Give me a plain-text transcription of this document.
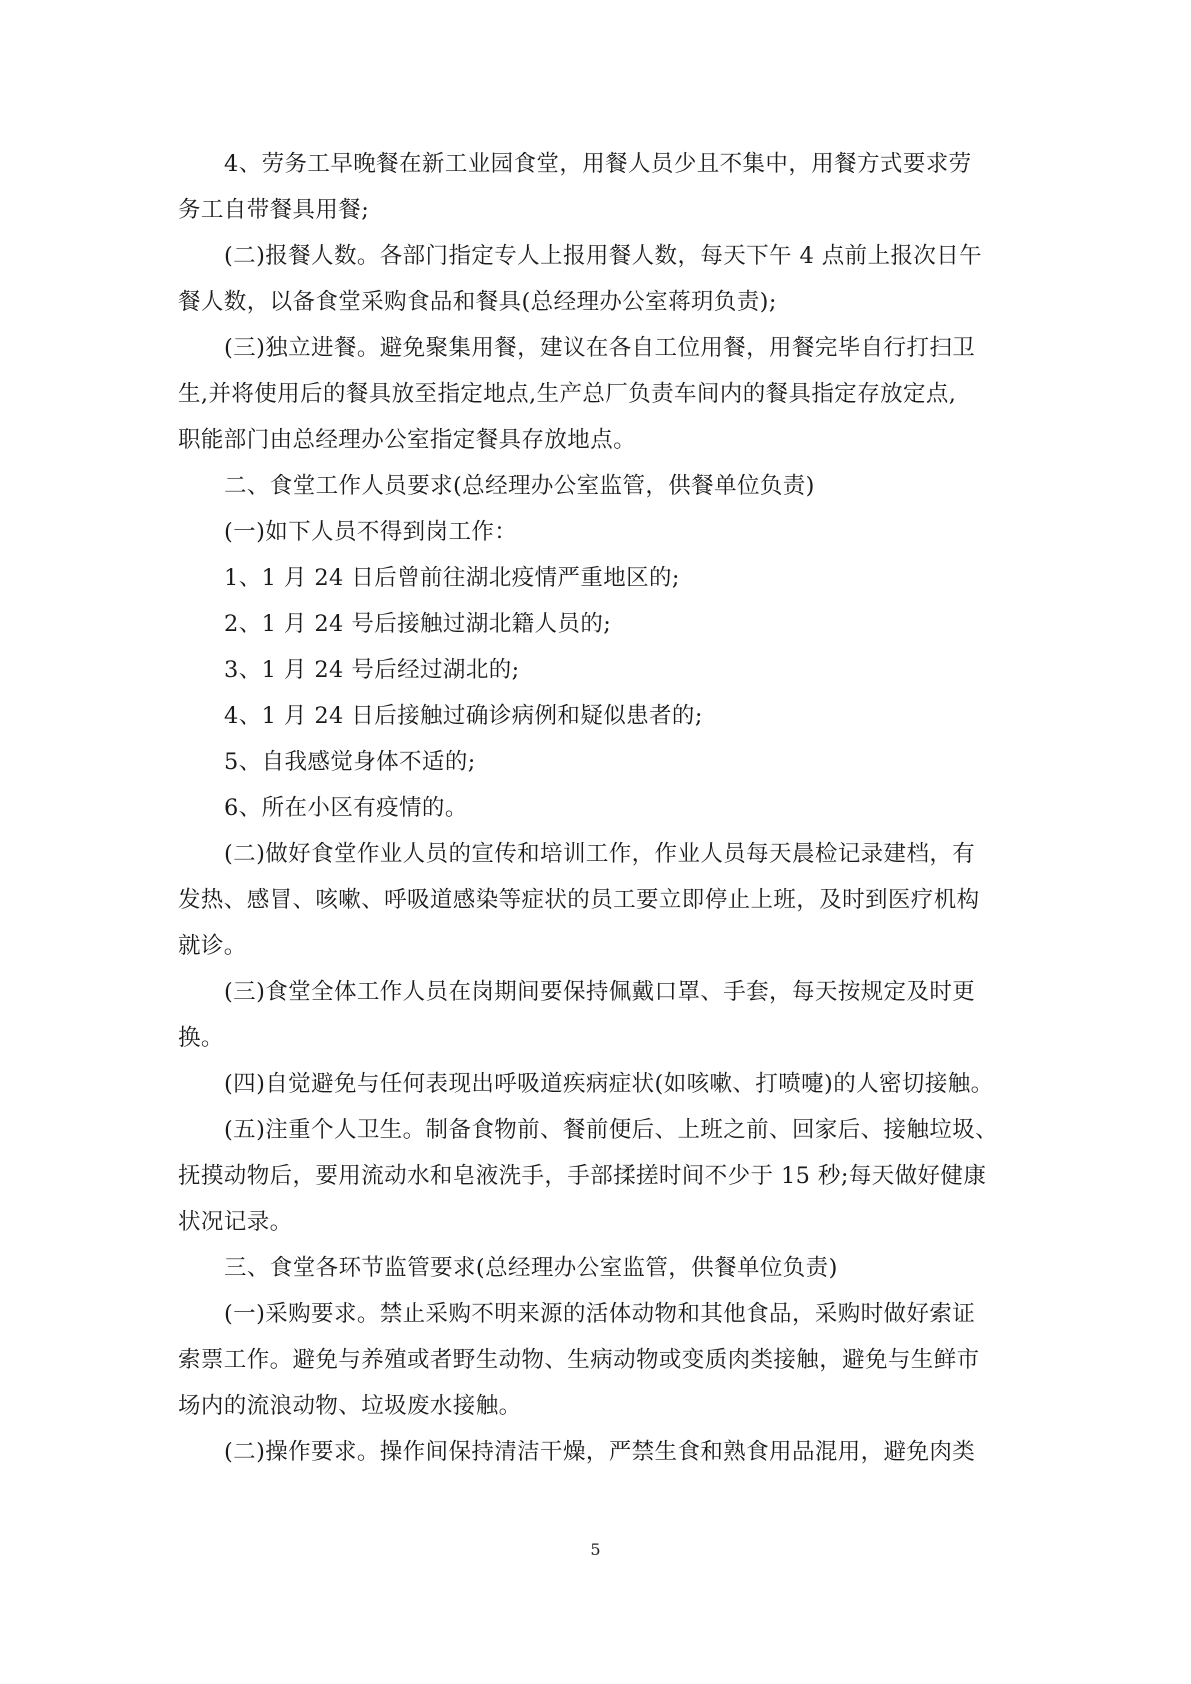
4、劳务工早晚餐在新工业园食堂，用餐人员少且不集中，用餐方式要求劳
务工自带餐具用餐;
(二)报餐人数。各部门指定专人上报用餐人数，每天下午 4 点前上报次日午
餐人数，以备食堂采购食品和餐具(总经理办公室蒋玥负责);
(三)独立进餐。避免聚集用餐，建议在各自工位用餐，用餐完毕自行打扫卫
生,并将使用后的餐具放至指定地点,生产总厂负责车间内的餐具指定存放定点,
职能部门由总经理办公室指定餐具存放地点。
二、食堂工作人员要求(总经理办公室监管，供餐单位负责)
(一)如下人员不得到岗工作：
1、1 月 24 日后曾前往湖北疫情严重地区的;
2、1 月 24 号后接触过湖北籍人员的;
3、1 月 24 号后经过湖北的;
4、1 月 24 日后接触过确诊病例和疑似患者的;
5、自我感觉身体不适的;
6、所在小区有疫情的。
(二)做好食堂作业人员的宣传和培训工作，作业人员每天晨检记录建档，有
发热、感冒、咳嗽、呼吸道感染等症状的员工要立即停止上班，及时到医疗机构
就诊。
(三)食堂全体工作人员在岗期间要保持佩戴口罩、手套，每天按规定及时更
换。
(四)自觉避免与任何表现出呼吸道疾病症状(如咳嗽、打喷嚏)的人密切接触。
(五)注重个人卫生。制备食物前、餐前便后、上班之前、回家后、接触垃圾、
抚摸动物后，要用流动水和皂液洗手，手部揉搓时间不少于 15 秒;每天做好健康
状况记录。
三、食堂各环节监管要求(总经理办公室监管，供餐单位负责)
(一)采购要求。禁止采购不明来源的活体动物和其他食品，采购时做好索证
索票工作。避免与养殖或者野生动物、生病动物或变质肉类接触，避免与生鲜市
场内的流浪动物、垃圾废水接触。
(二)操作要求。操作间保持清洁干燥，严禁生食和熟食用品混用，避免肉类
5
